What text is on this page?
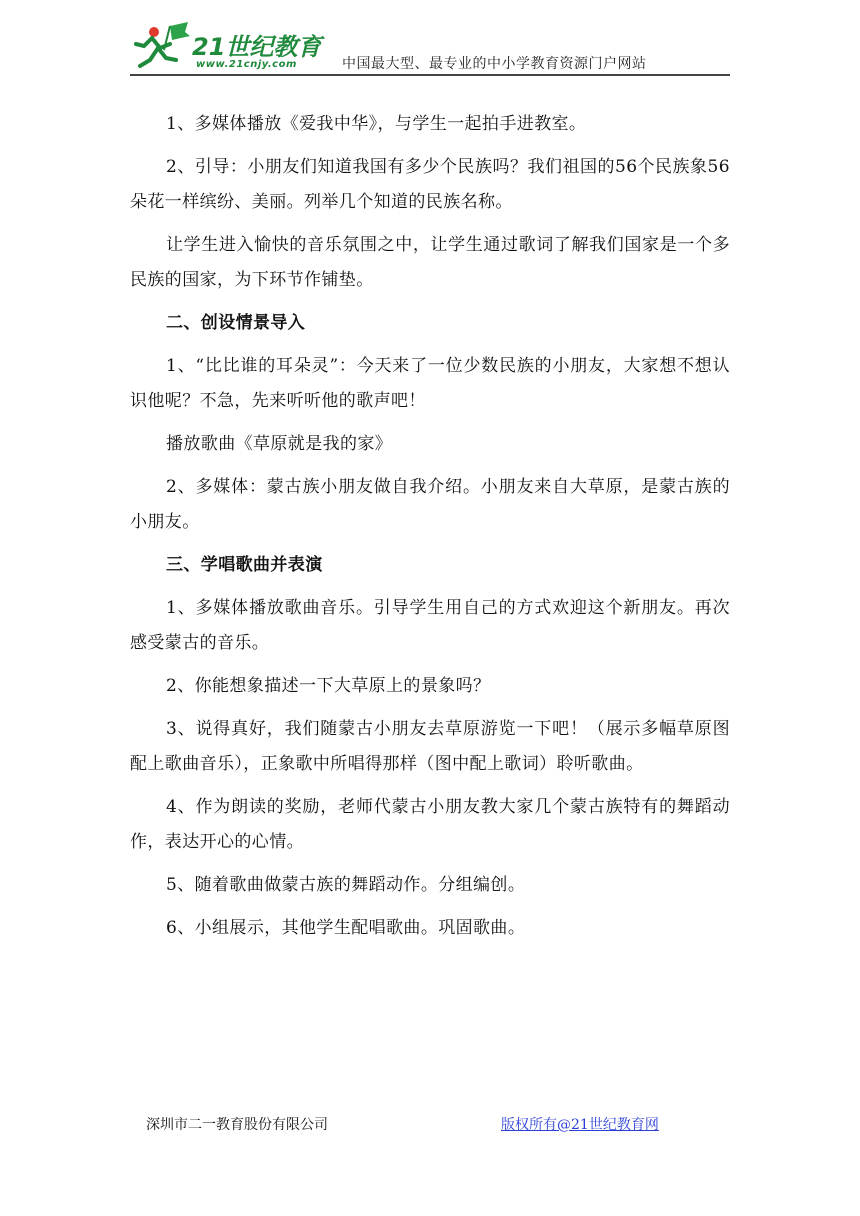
21世纪教育
www.21cnjy.com	中国最大型、最专业的中小学教育资源门户网站

1、多媒体播放《爱我中华》，与学生一起拍手进教室。

2、引导：小朋友们知道我国有多少个民族吗？我们祖国的56个民族象56朵花一样缤纷、美丽。列举几个知道的民族名称。

让学生进入愉快的音乐氛围之中，让学生通过歌词了解我们国家是一个多民族的国家，为下环节作铺垫。

二、创设情景导入

1、“比比谁的耳朵灵”：今天来了一位少数民族的小朋友，大家想不想认识他呢？不急，先来听听他的歌声吧！

播放歌曲《草原就是我的家》

2、多媒体：蒙古族小朋友做自我介绍。小朋友来自大草原，是蒙古族的小朋友。

三、学唱歌曲并表演

1、多媒体播放歌曲音乐。引导学生用自己的方式欢迎这个新朋友。再次感受蒙古的音乐。

2、你能想象描述一下大草原上的景象吗？

3、说得真好，我们随蒙古小朋友去草原游览一下吧！（展示多幅草原图配上歌曲音乐），正象歌中所唱得那样（图中配上歌词）聆听歌曲。

4、作为朗读的奖励，老师代蒙古小朋友教大家几个蒙古族特有的舞蹈动作，表达开心的心情。

5、随着歌曲做蒙古族的舞蹈动作。分组编创。

6、小组展示，其他学生配唱歌曲。巩固歌曲。

深圳市二一教育股份有限公司	版权所有@21世纪教育网
